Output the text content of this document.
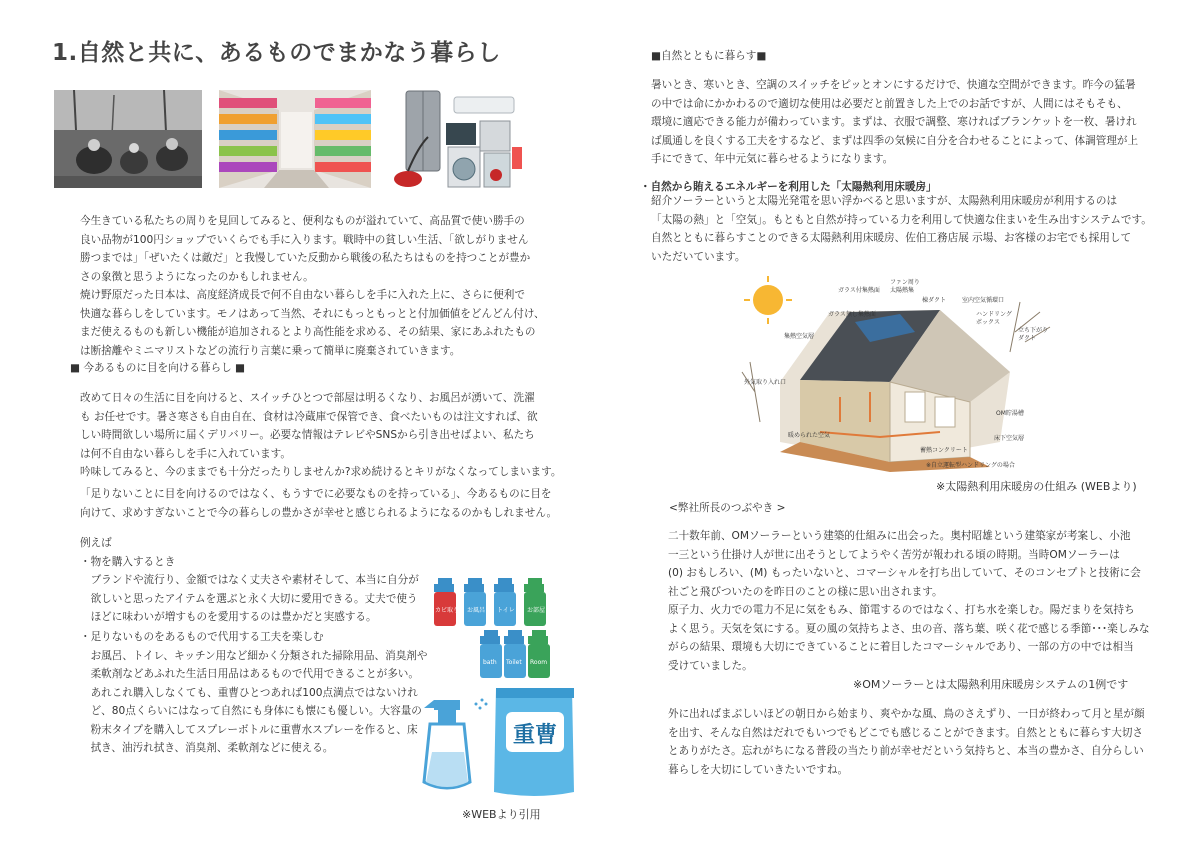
1.自然と共に、あるものでまかなう暮らし
今生きている私たちの周りを見回してみると、便利なものが溢れていて、高品質で使い勝手の
良い品物が100円ショップでいくらでも手に入ります。戦時中の貧しい生活、「欲しがりません
勝つまでは」「ぜいたくは敵だ」と我慢していた反動から戦後の私たちはものを持つことが豊か
さの象徴と思うようになったのかもしれません。
焼け野原だった日本は、高度経済成長で何不自由ない暮らしを手に入れた上に、さらに便利で
快適な暮らしをしています。モノはあって当然、それにもっともっとと付加価値をどんどん付け、
まだ使えるものも新しい機能が追加されるとより高性能を求める、その結果、家にあふれたもの
は断捨離やミニマリストなどの流行り言葉に乗って簡単に廃棄されていきます。
■ 今あるものに目を向ける暮らし ■
改めて日々の生活に目を向けると、スイッチひとつで部屋は明るくなり、お風呂が湧いて、洗濯
も お任せです。暑さ寒さも自由自在、食材は冷蔵庫で保管でき、食べたいものは注文すれば、欲
しい時間欲しい場所に届くデリバリー。必要な情報はテレビやSNSから引き出せばよい、私たち
は何不自由ない暮らしを手に入れています。
吟味してみると、今のままでも十分だったりしませんか?求め続けるとキリがなくなってしまいます。
「足りないことに目を向けるのではなく、もうすでに必要なものを持っている」、今あるものに目を
向けて、求めすぎないことで今の暮らしの豊かさが幸せと感じられるようになるのかもしれません。
例えば
・物を購入するとき
　ブランドや流行り、金額ではなく丈夫さや素材そして、本当に自分が
　欲しいと思ったアイテムを選ぶと永く大切に愛用できる。丈夫で使う
　ほどに味わいが増すものを愛用するのは豊かだと実感する。
・足りないものをあるもので代用する工夫を楽しむ
　お風呂、トイレ、キッチン用など細かく分類された掃除用品、消臭剤や
　柔軟剤などあふれた生活日用品はあるもので代用できることが多い。
　あれこれ購入しなくても、重曹ひとつあれば100点満点ではないけれ
　ど、80点くらいにはなって自然にも身体にも懐にも優しい。大容量の
　粉末タイプを購入してスプレーボトルに重曹水スプレーを作ると、床
　拭き、油汚れ拭き、消臭剤、柔軟剤などに使える。
カビ取り お風呂 トイレ お部屋
bath Toilet Room
重曹
※WEBより引用
■自然とともに暮らす■
暑いとき、寒いとき、空調のスイッチをピッとオンにするだけで、快適な空間ができます。昨今の猛暑
の中では命にかかわるので適切な使用は必要だと前置きした上でのお話ですが、人間にはそもそも、
環境に適応できる能力が備わっています。まずは、衣服で調整、寒ければブランケットを一枚、暑けれ
ば風通しを良くする工夫をするなど、まずは四季の気候に自分を合わせることによって、体調管理が上
手にできて、年中元気に暮らせるようになります。
・自然から賄えるエネルギーを利用した「太陽熱利用床暖房」
紹介ソーラーというと太陽光発電を思い浮かべると思いますが、太陽熱利用床暖房が利用するのは
「太陽の熱」と「空気」。もともと自然が持っている力を利用して快適な住まいを生み出すシステムです。
自然とともに暮らすことのできる太陽熱利用床暖房、佐伯工務店展 示場、お客様のお宅でも採用して
いただいています。
ガラス付集熱面
ファン周り
太陽熱集
ガラス無し集熱面
棟ダクト	室内空気循環口
ハンドリング
ボックス
立ち下がり
ダクト
集熱空気層
外気取り入れ口
OM貯湯槽
床下空気層
蓄熱コンクリート
暖められた空気
※自立運転型ハンドリングの場合
※太陽熱利用床暖房の仕組み (WEBより)
<弊社所長のつぶやき >
二十数年前、OMソーラーという建築的仕組みに出会った。奥村昭雄という建築家が考案し、小池
一三という仕掛け人が世に出そうとしてようやく苦労が報われる頃の時期。当時OMソーラーは
(0) おもしろい、(M) もったいないと、コマーシャルを打ち出していて、そのコンセプトと技術に会
社ごと飛びついたのを昨日のことの様に思い出されます。
原子力、火力での電力不足に気をもみ、節電するのではなく、打ち水を楽しむ。陽だまりを気持ち
よく思う。天気を気にする。夏の風の気持ちよさ、虫の音、落ち葉、咲く花で感じる季節･･･楽しみな
がらの結果、環境も大切にできていることに着目したコマーシャルであり、一部の方の中では相当
受けていました。
※OMソーラーとは太陽熱利用床暖房システムの1例です
外に出ればまぶしいほどの朝日から始まり、爽やかな風、鳥のさえずり、一日が終わって月と星が顔
を出す、そんな自然はだれでもいつでもどこでも感じることができます。自然とともに暮らす大切さ
とありがたさ。忘れがちになる普段の当たり前が幸せだという気持ちと、本当の豊かさ、自分らしい
暮らしを大切にしていきたいですね。
